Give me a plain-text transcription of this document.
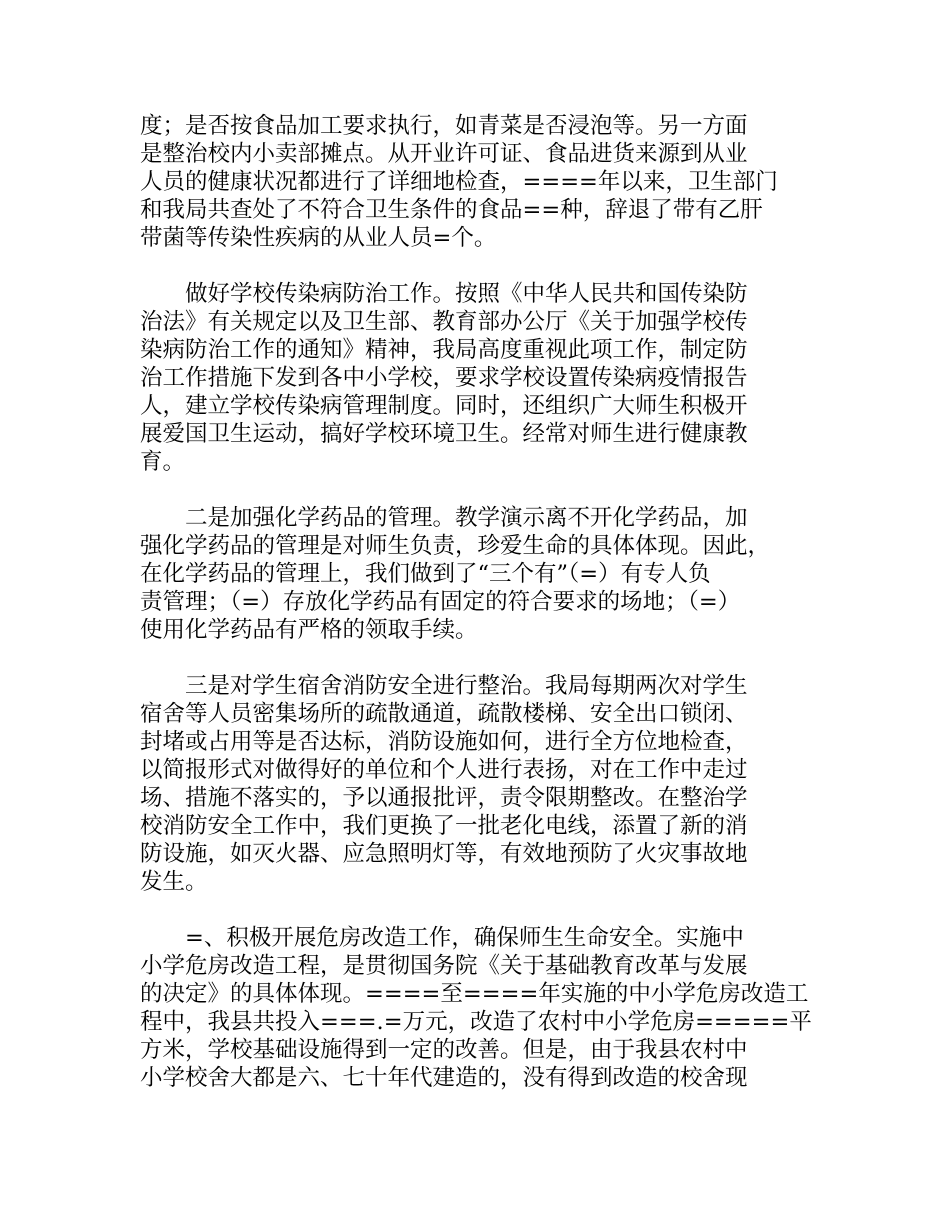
度；是否按食品加工要求执行，如青菜是否浸泡等。另一方面
是整治校内小卖部摊点。从开业许可证、食品进货来源到从业
人员的健康状况都进行了详细地检查，====年以来，卫生部门
和我局共查处了不符合卫生条件的食品==种，辞退了带有乙肝
带菌等传染性疾病的从业人员=个。

　　做好学校传染病防治工作。按照《中华人民共和国传染防
治法》有关规定以及卫生部、教育部办公厅《关于加强学校传
染病防治工作的通知》精神，我局高度重视此项工作，制定防
治工作措施下发到各中小学校，要求学校设置传染病疫情报告
人，建立学校传染病管理制度。同时，还组织广大师生积极开
展爱国卫生运动，搞好学校环境卫生。经常对师生进行健康教
育。

　　二是加强化学药品的管理。教学演示离不开化学药品，加
强化学药品的管理是对师生负责，珍爱生命的具体体现。因此，
在化学药品的管理上，我们做到了“三个有”（=）有专人负
责管理；（=）存放化学药品有固定的符合要求的场地；（=）
使用化学药品有严格的领取手续。

　　三是对学生宿舍消防安全进行整治。我局每期两次对学生
宿舍等人员密集场所的疏散通道，疏散楼梯、安全出口锁闭、
封堵或占用等是否达标，消防设施如何，进行全方位地检查，
以简报形式对做得好的单位和个人进行表扬，对在工作中走过
场、措施不落实的，予以通报批评，责令限期整改。在整治学
校消防安全工作中，我们更换了一批老化电线，添置了新的消
防设施，如灭火器、应急照明灯等，有效地预防了火灾事故地
发生。

　　=、积极开展危房改造工作，确保师生生命安全。实施中
小学危房改造工程，是贯彻国务院《关于基础教育改革与发展
的决定》的具体体现。====至====年实施的中小学危房改造工
程中，我县共投入===.=万元，改造了农村中小学危房=====平
方米，学校基础设施得到一定的改善。但是，由于我县农村中
小学校舍大都是六、七十年代建造的，没有得到改造的校舍现
